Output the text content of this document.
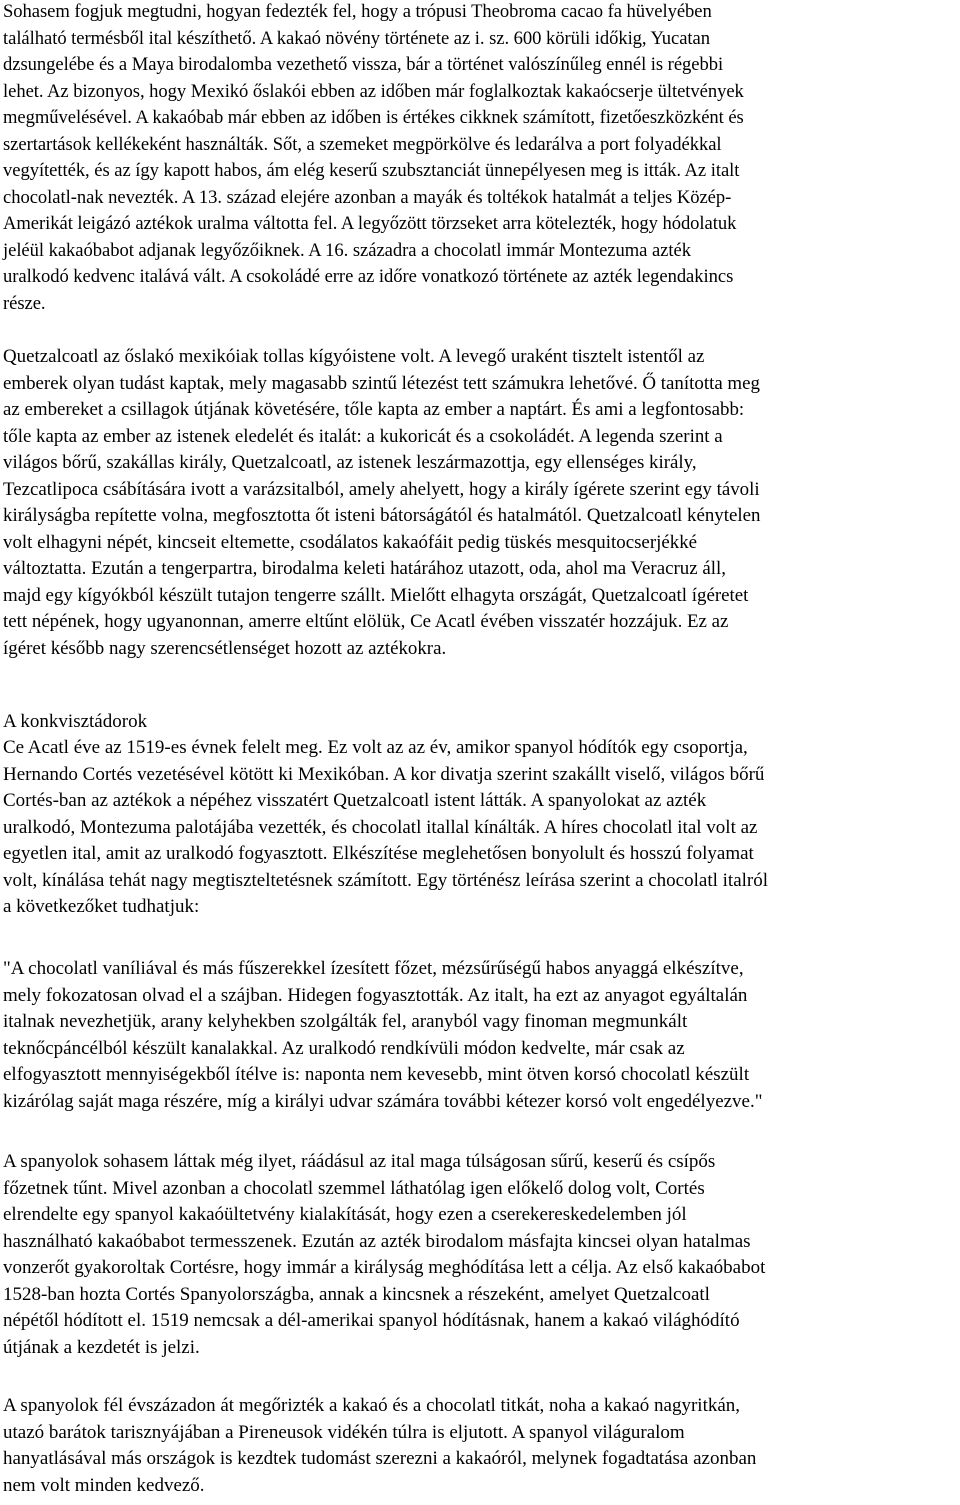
Sohasem fogjuk megtudni, hogyan fedezték fel, hogy a trópusi Theobroma cacao fa hüvelyében
található termésből ital készíthető. A kakaó növény története az i. sz. 600 körüli időkig, Yucatan
dzsungelébe és a Maya birodalomba vezethető vissza, bár a történet valószínűleg ennél is régebbi
lehet. Az bizonyos, hogy Mexikó őslakói ebben az időben már foglalkoztak kakaócserje ültetvények
megművelésével. A kakaóbab már ebben az időben is értékes cikknek számított, fizetőeszközként és
szertartások kellékeként használták. Sőt, a szemeket megpörkölve és ledarálva a port folyadékkal
vegyítették, és az így kapott habos, ám elég keserű szubsztanciát ünnepélyesen meg is itták. Az italt
chocolatl-nak nevezték. A 13. század elejére azonban a mayák és toltékok hatalmát a teljes Közép-
Amerikát leigázó aztékok uralma váltotta fel. A legyőzött törzseket arra kötelezték, hogy hódolatuk
jeléül kakaóbabot adjanak legyőzőiknek. A 16. századra a chocolatl immár Montezuma azték
uralkodó kedvenc italává vált. A csokoládé erre az időre vonatkozó története az azték legendakincs
része.

Quetzalcoatl az őslakó mexikóiak tollas kígyóistene volt. A levegő uraként tisztelt istentől az
emberek olyan tudást kaptak, mely magasabb szintű létezést tett számukra lehetővé. Ő tanította meg
az embereket a csillagok útjának követésére, tőle kapta az ember a naptárt. És ami a legfontosabb:
tőle kapta az ember az istenek eledelét és italát: a kukoricát és a csokoládét. A legenda szerint a
világos bőrű, szakállas király, Quetzalcoatl, az istenek leszármazottja, egy ellenséges király,
Tezcatlipoca csábítására ivott a varázsitalból, amely ahelyett, hogy a király ígérete szerint egy távoli
királyságba repítette volna, megfosztotta őt isteni bátorságától és hatalmától. Quetzalcoatl kénytelen
volt elhagyni népét, kincseit eltemette, csodálatos kakaófáit pedig tüskés mesquitocserjékké
változtatta. Ezután a tengerpartra, birodalma keleti határához utazott, oda, ahol ma Veracruz áll,
majd egy kígyókból készült tutajon tengerre szállt. Mielőtt elhagyta országát, Quetzalcoatl ígéretet
tett népének, hogy ugyanonnan, amerre eltűnt elölük, Ce Acatl évében visszatér hozzájuk. Ez az
ígéret később nagy szerencsétlenséget hozott az aztékokra.

A konkvisztádorok

Ce Acatl éve az 1519-es évnek felelt meg. Ez volt az az év, amikor spanyol hódítók egy csoportja,
Hernando Cortés vezetésével kötött ki Mexikóban. A kor divatja szerint szakállt viselő, világos bőrű
Cortés-ban az aztékok a népéhez visszatért Quetzalcoatl istent látták. A spanyolokat az azték
uralkodó, Montezuma palotájába vezették, és chocolatl itallal kínálták. A híres chocolatl ital volt az
egyetlen ital, amit az uralkodó fogyasztott. Elkészítése meglehetősen bonyolult és hosszú folyamat
volt, kínálása tehát nagy megtiszteltetésnek számított. Egy történész leírása szerint a chocolatl italról
a következőket tudhatjuk:

"A chocolatl vaníliával és más fűszerekkel ízesített főzet, mézsűrűségű habos anyaggá elkészítve,
mely fokozatosan olvad el a szájban. Hidegen fogyasztották. Az italt, ha ezt az anyagot egyáltalán
italnak nevezhetjük, arany kelyhekben szolgálták fel, aranyból vagy finoman megmunkált
teknőcpáncélból készült kanalakkal. Az uralkodó rendkívüli módon kedvelte, már csak az
elfogyasztott mennyiségekből ítélve is: naponta nem kevesebb, mint ötven korsó chocolatl készült
kizárólag saját maga részére, míg a királyi udvar számára további kétezer korsó volt engedélyezve."

A spanyolok sohasem láttak még ilyet, ráádásul az ital maga túlságosan sűrű, keserű és csípős
főzetnek tűnt. Mivel azonban a chocolatl szemmel láthatólag igen előkelő dolog volt, Cortés
elrendelte egy spanyol kakaóültetvény kialakítását, hogy ezen a cserekereskedelemben jól
használható kakaóbabot termesszenek. Ezután az azték birodalom másfajta kincsei olyan hatalmas
vonzerőt gyakoroltak Cortésre, hogy immár a királyság meghódítása lett a célja. Az első kakaóbabot
1528-ban hozta Cortés Spanyolországba, annak a kincsnek a részeként, amelyet Quetzalcoatl
népétől hódított el. 1519 nemcsak a dél-amerikai spanyol hódításnak, hanem a kakaó világhódító
útjának a kezdetét is jelzi.

A spanyolok fél évszázadon át megőrizték a kakaó és a chocolatl titkát, noha a kakaó nagyritkán,
utazó barátok tarisznyájában a Pireneusok vidékén túlra is eljutott. A spanyol világuralom
hanyatlásával más országok is kezdtek tudomást szerezni a kakaóról, melynek fogadtatása azonban
nem volt minden kedvező.
